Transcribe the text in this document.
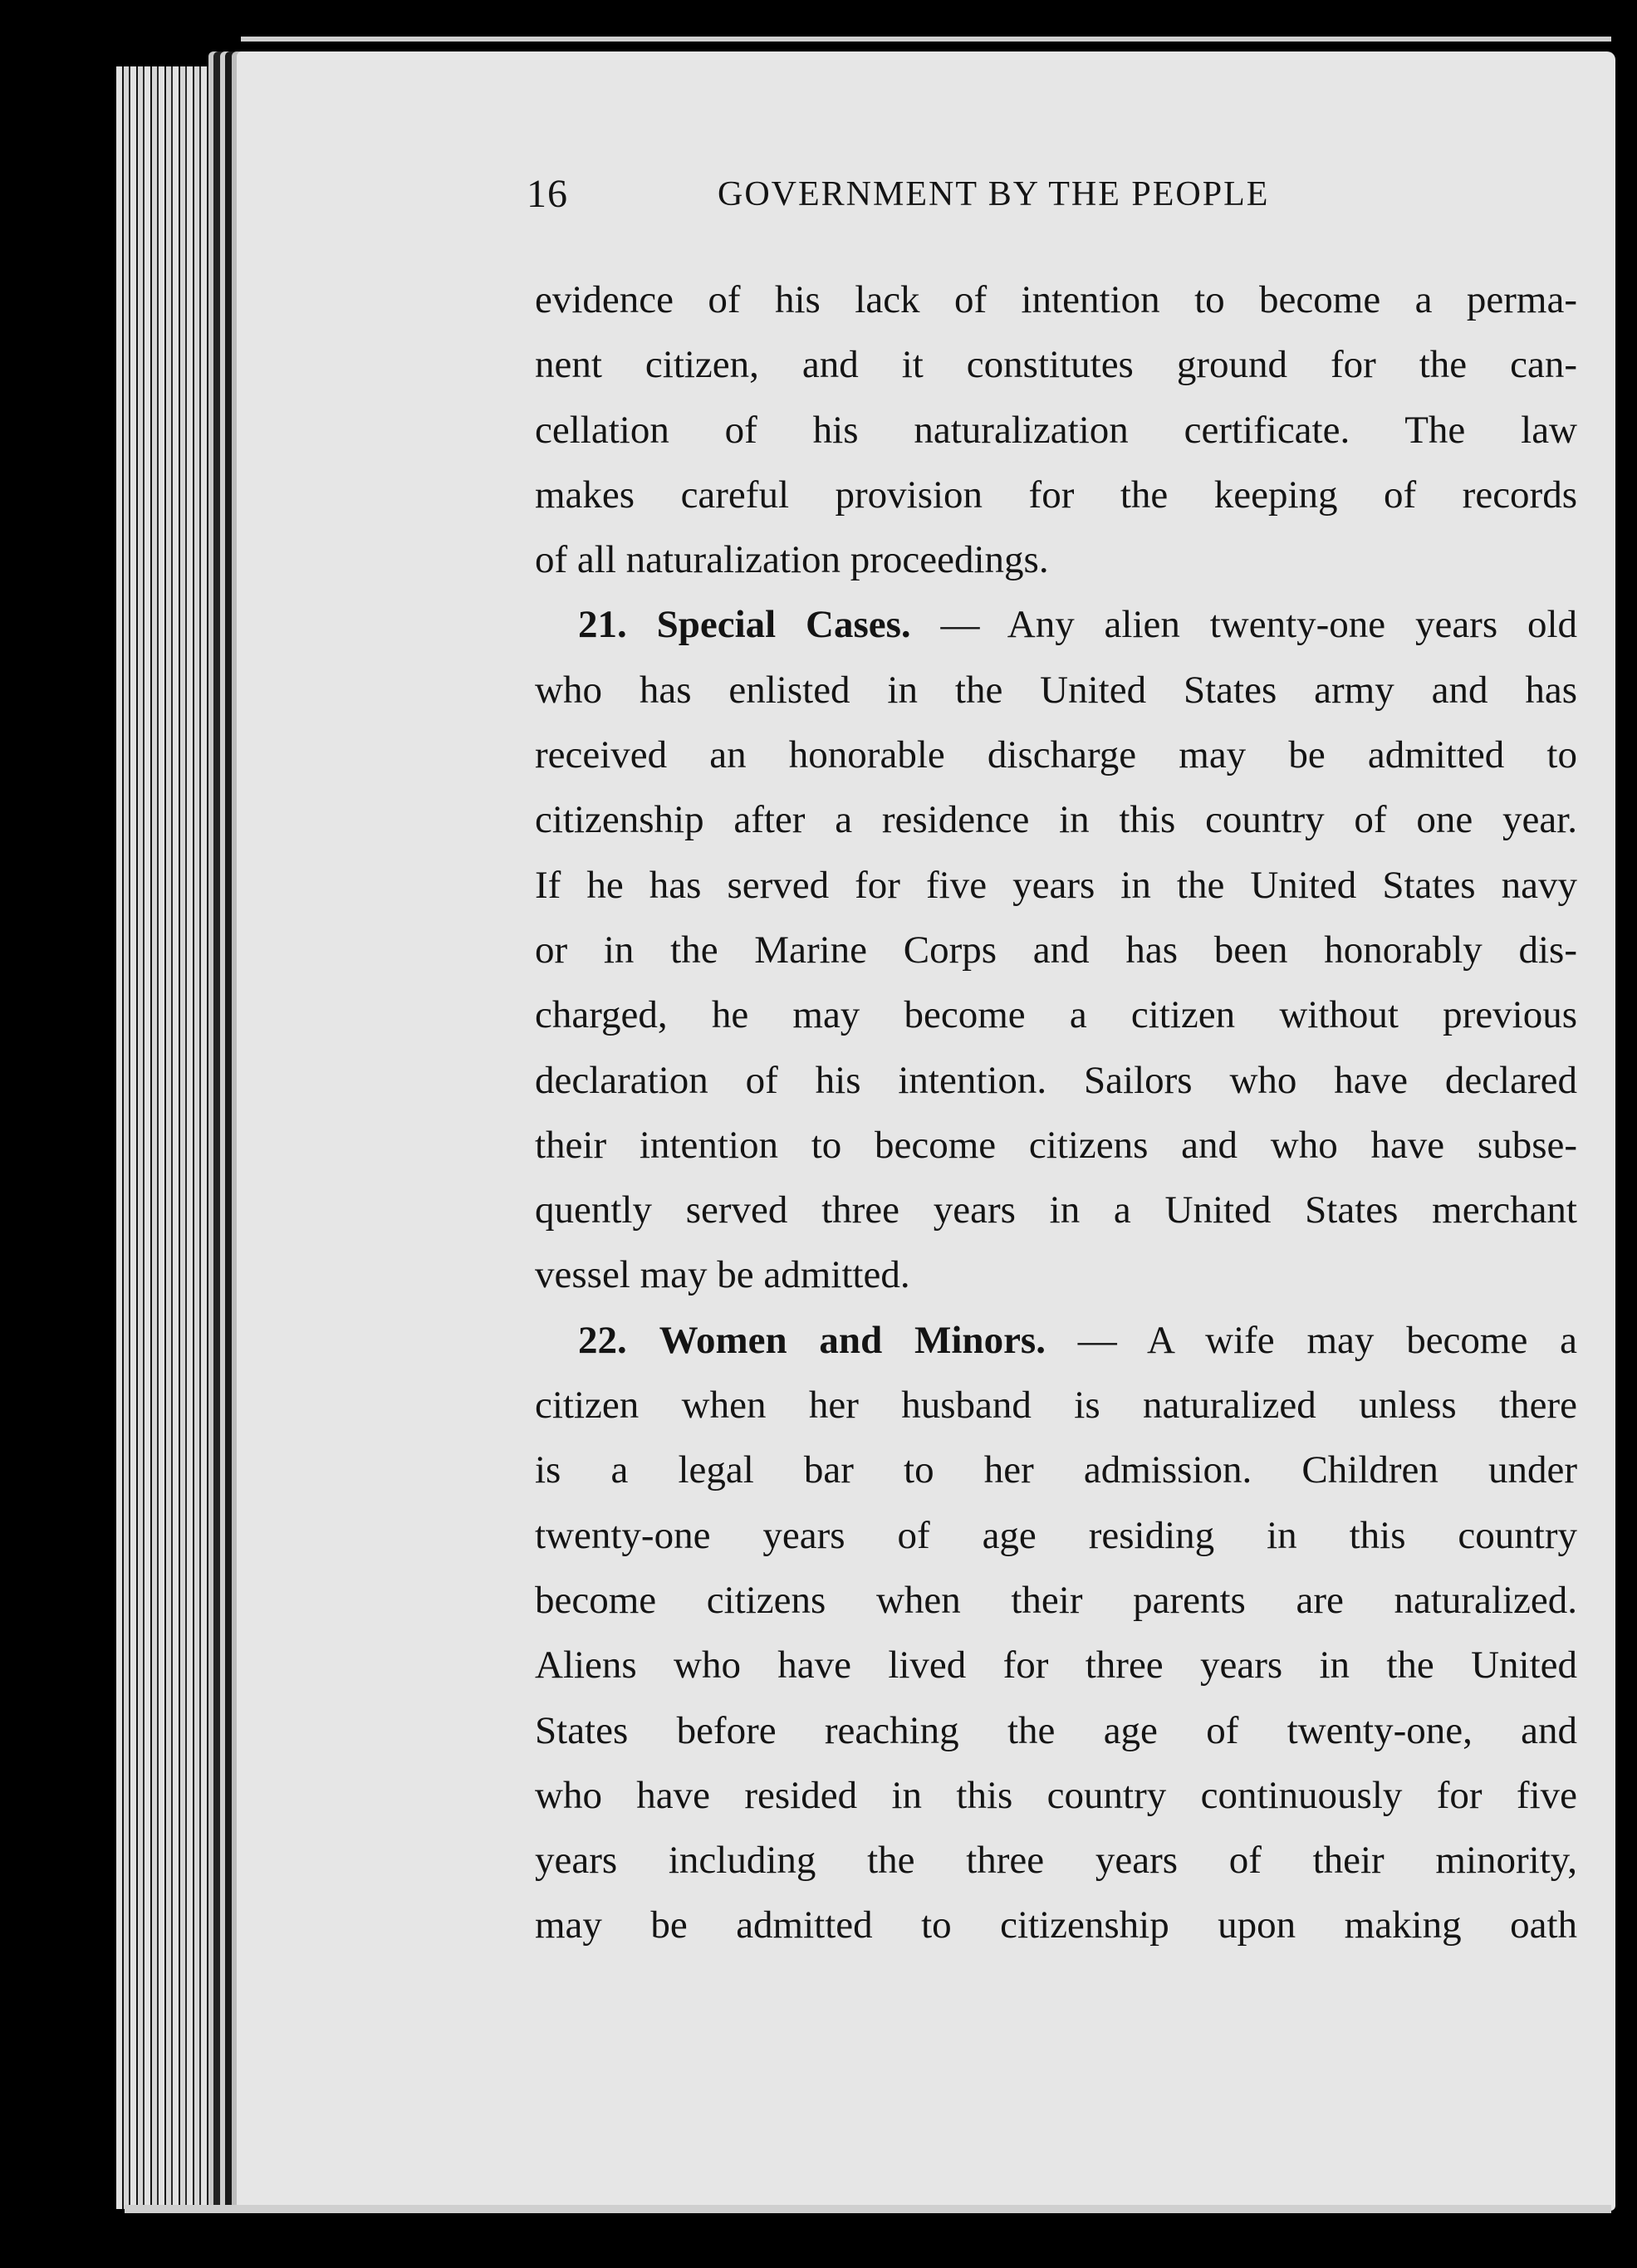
16	GOVERNMENT BY THE PEOPLE
evidence of his lack of intention to become a perma-
nent citizen, and it constitutes ground for the can-
cellation of his naturalization certificate. The law
makes careful provision for the keeping of records
of all naturalization proceedings.
21. Special Cases. — Any alien twenty-one years old
who has enlisted in the United States army and has
received an honorable discharge may be admitted to
citizenship after a residence in this country of one year.
If he has served for five years in the United States navy
or in the Marine Corps and has been honorably dis-
charged, he may become a citizen without previous
declaration of his intention. Sailors who have declared
their intention to become citizens and who have subse-
quently served three years in a United States merchant
vessel may be admitted.
22. Women and Minors. — A wife may become a
citizen when her husband is naturalized unless there
is a legal bar to her admission. Children under
twenty-one years of age residing in this country
become citizens when their parents are naturalized.
Aliens who have lived for three years in the United
States before reaching the age of twenty-one, and
who have resided in this country continuously for five
years including the three years of their minority,
may be admitted to citizenship upon making oath
